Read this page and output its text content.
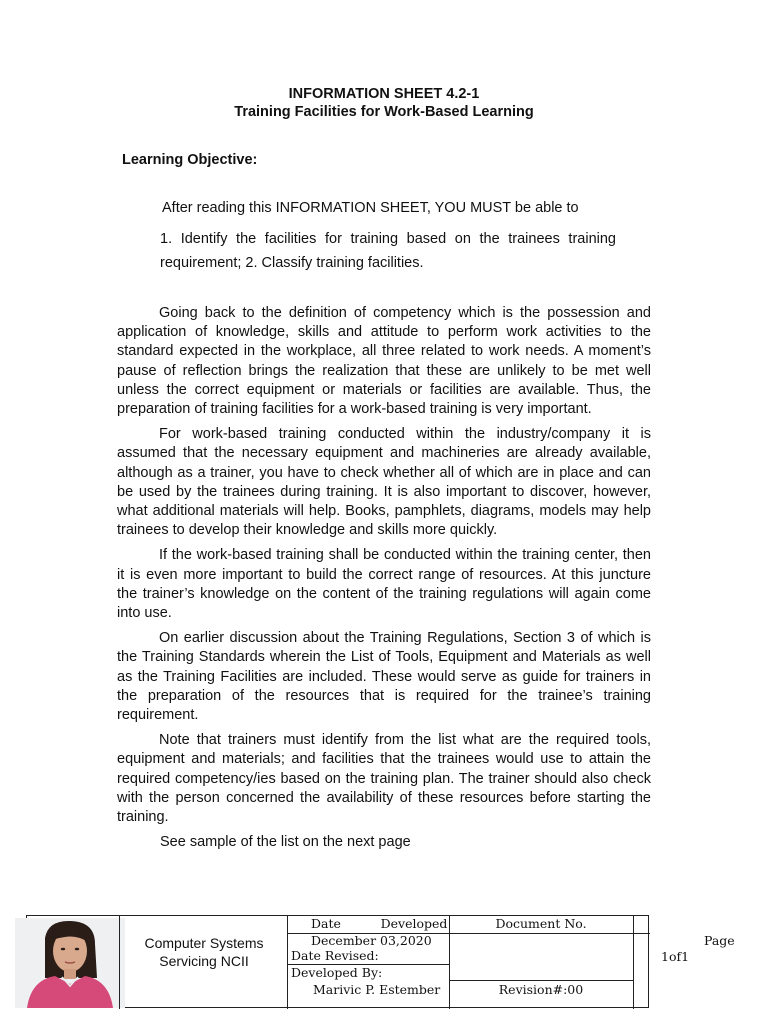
INFORMATION SHEET 4.2-1
Training Facilities for Work-Based Learning
Learning Objective:
After reading this INFORMATION SHEET, YOU MUST be able to
1. Identify the facilities for training based on the trainees training requirement; 2. Classify training facilities.

Going back to the definition of competency which is the possession and application of knowledge, skills and attitude to perform work activities to the standard expected in the workplace, all three related to work needs. A moment’s pause of reflection brings the realization that these are unlikely to be met well unless the correct equipment or materials or facilities are available. Thus, the preparation of training facilities for a work-based training is very important.

For work-based training conducted within the industry/company it is assumed that the necessary equipment and machineries are already available, although as a trainer, you have to check whether all of which are in place and can be used by the trainees during training. It is also important to discover, however, what additional materials will help. Books, pamphlets, diagrams, models may help trainees to develop their knowledge and skills more quickly.

If the work-based training shall be conducted within the training center, then it is even more important to build the correct range of resources. At this juncture the trainer’s knowledge on the content of the training regulations will again come into use.

On earlier discussion about the Training Regulations, Section 3 of which is the Training Standards wherein the List of Tools, Equipment and Materials as well as the Training Facilities are included. These would serve as guide for trainers in the preparation of the resources that is required for the trainee’s training requirement.

Note that trainers must identify from the list what are the required tools, equipment and materials; and facilities that the trainees would use to attain the required competency/ies based on the training plan. The trainer should also check with the person concerned the availability of these resources before starting the training.

See sample of the list on the next page

Computer Systems Servicing NCII
Date          Developed
December 03,2020
Date Revised:
Developed By:
Marivic P. Estember
Document No.
Revision#:00
Page
1of1
